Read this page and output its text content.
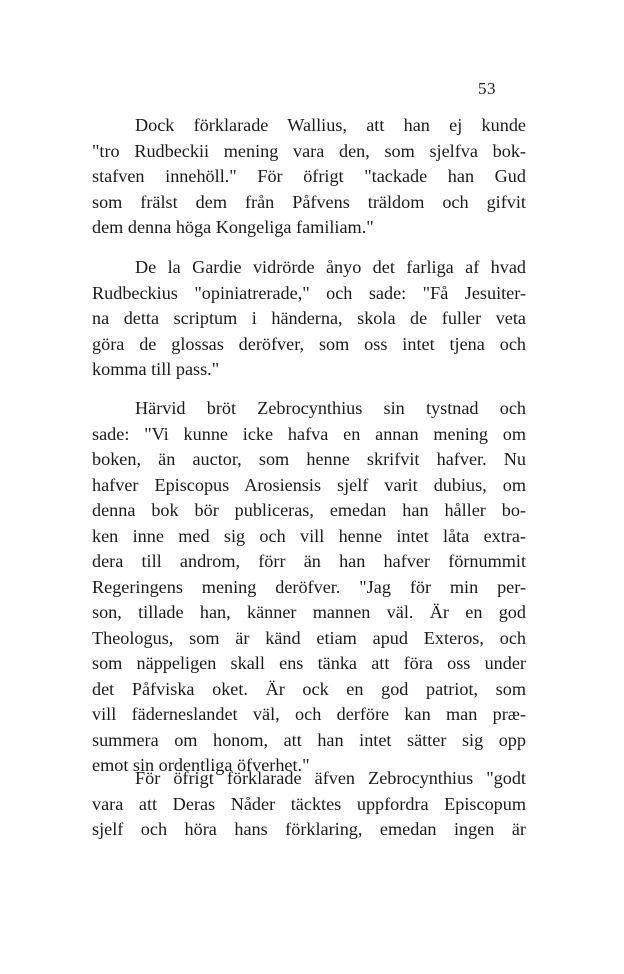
53

Dock förklarade Wallius, att han ej kunde
"tro Rudbeckii mening vara den, som sjelfva bok-
stafven innehöll." För öfrigt "tackade han Gud
som frälst dem från Påfvens träldom och gifvit
dem denna höga Kongeliga familiam."

De la Gardie vidrörde ånyo det farliga af hvad
Rudbeckius "opiniatrerade," och sade: "Få Jesuiter-
na detta scriptum i händerna, skola de fuller veta
göra de glossas deröfver, som oss intet tjena och
komma till pass."

Härvid bröt Zebrocynthius sin tystnad och
sade: "Vi kunne icke hafva en annan mening om
boken, än auctor, som henne skrifvit hafver. Nu
hafver Episcopus Arosiensis sjelf varit dubius, om
denna bok bör publiceras, emedan han håller bo-
ken inne med sig och vill henne intet låta extra-
dera till androm, förr än han hafver förnummit
Regeringens mening deröfver. "Jag för min per-
son, tillade han, känner mannen väl. Är en god
Theologus, som är känd etiam apud Exteros, och
som näppeligen skall ens tänka att föra oss under
det Påfviska oket. Är ock en god patriot, som
vill fäderneslandet väl, och derföre kan man præ-
summera om honom, att han intet sätter sig opp
emot sin ordentliga öfverhet."

För öfrigt förklarade äfven Zebrocynthius "godt
vara att Deras Nåder täcktes uppfordra Episcopum
sjelf och höra hans förklaring, emedan ingen är
